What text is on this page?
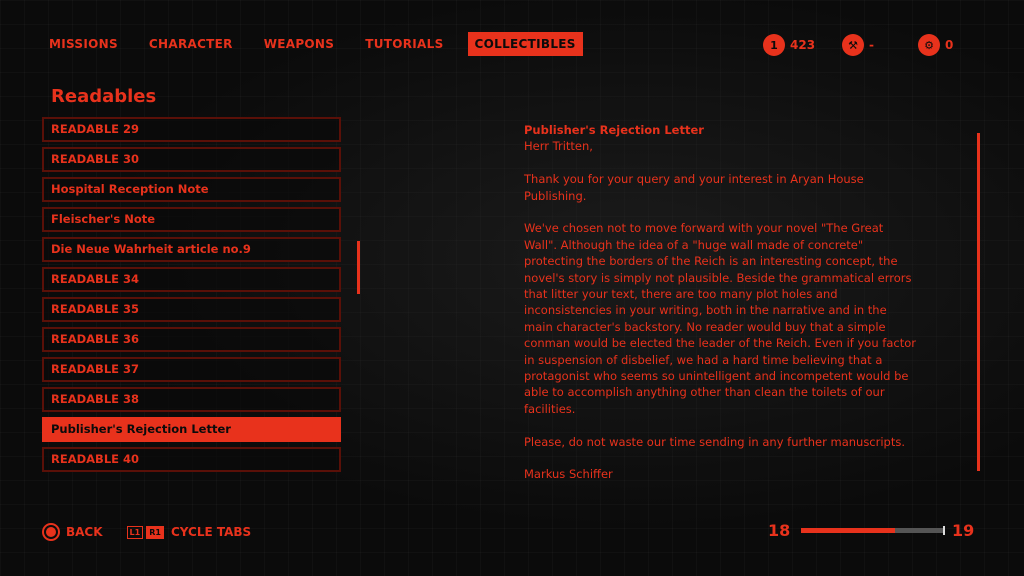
MISSIONS	CHARACTER	WEAPONS	TUTORIALS	COLLECTIBLES	1	423	⚒ -	⚙ 0
Readables
READABLE 29
READABLE 30
Hospital Reception Note
Fleischer's Note
Die Neue Wahrheit article no.9
READABLE 34
READABLE 35
READABLE 36
READABLE 37
READABLE 38
Publisher's Rejection Letter
READABLE 40
Publisher's Rejection Letter

Herr Tritten,

Thank you for your query and your interest in Aryan House Publishing.

We've chosen not to move forward with your novel "The Great Wall". Although the idea of a "huge wall made of concrete" protecting the borders of the Reich is an interesting concept, the novel's story is simply not plausible. Beside the grammatical errors that litter your text, there are too many plot holes and inconsistencies in your writing, both in the narrative and in the main character's backstory. No reader would buy that a simple conman would be elected the leader of the Reich. Even if you factor in suspension of disbelief, we had a hard time believing that a protagonist who seems so unintelligent and incompetent would be able to accomplish anything other than clean the toilets of our facilities.

Please, do not waste our time sending in any further manuscripts.

Markus Schiffer

BACK	L1	R1 CYCLE TABS	18	19
